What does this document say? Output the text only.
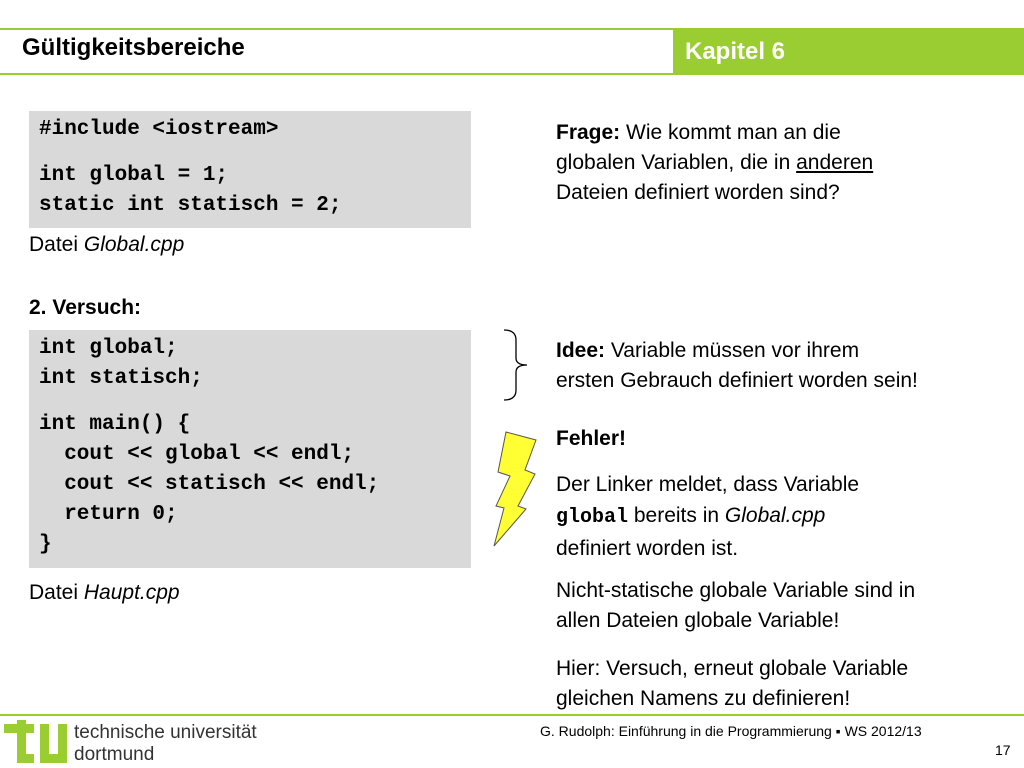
Gültigkeitsbereiche	Kapitel 6
#include <iostream>
int global = 1;
static int statisch = 2;
Datei Global.cpp
2. Versuch:
int global;
int statisch;
int main() {
cout << global << endl;
cout << statisch << endl;
return 0;
}
Datei Haupt.cpp
Frage: Wie kommt man an die
globalen Variablen, die in anderen
Dateien definiert worden sind?
Idee: Variable müssen vor ihrem
ersten Gebrauch definiert worden sein!
Fehler!
Der Linker meldet, dass Variable
global bereits in Global.cpp
definiert worden ist.
Nicht-statische globale Variable sind in
allen Dateien globale Variable!
Hier: Versuch, erneut globale Variable
gleichen Namens zu definieren!
technische universität
dortmund
G. Rudolph: Einführung in die Programmierung ▪ WS 2012/13
17
